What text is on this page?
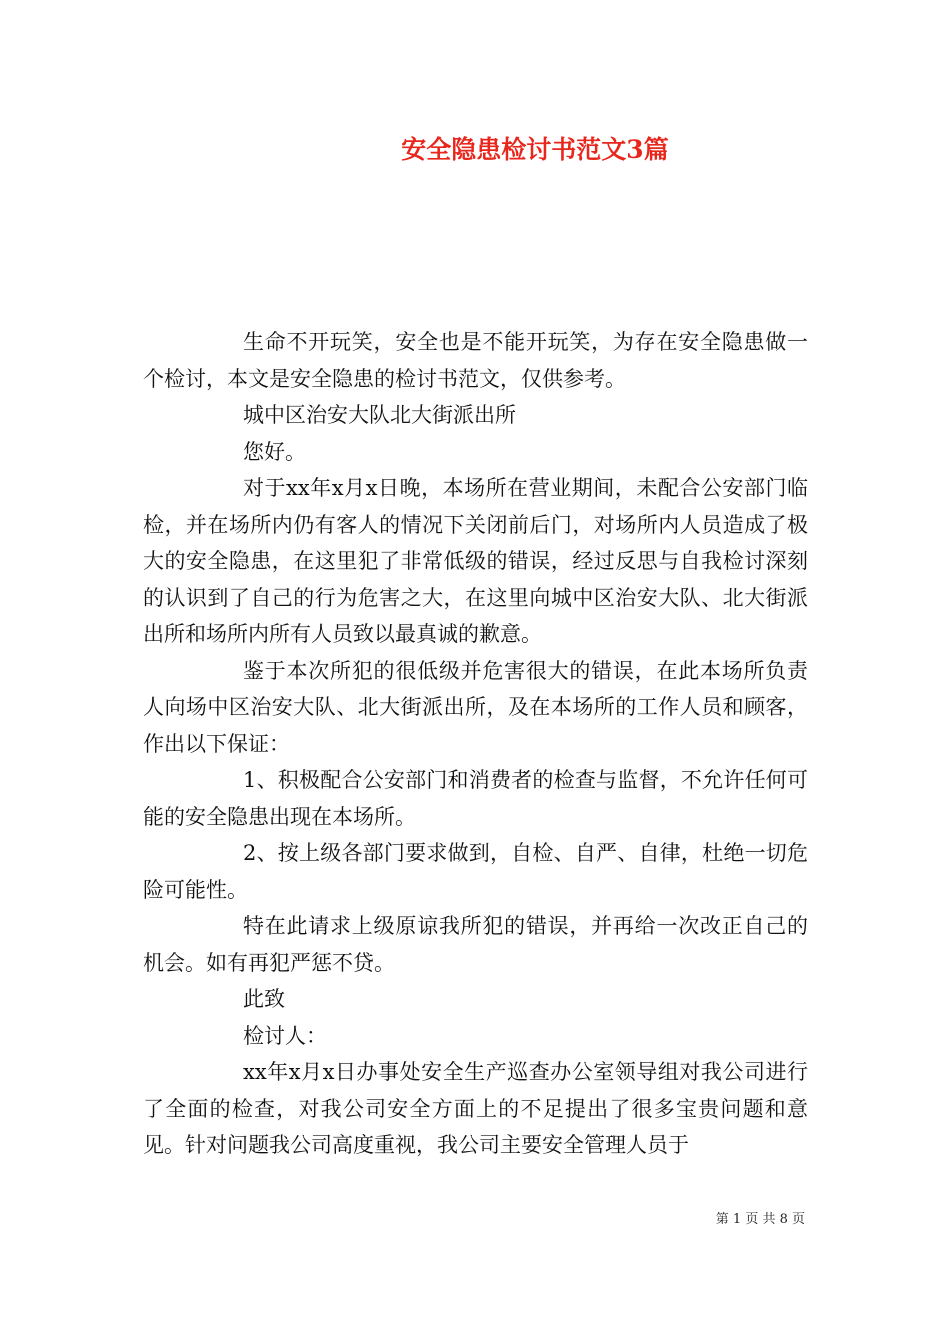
安全隐患检讨书范文3篇

生命不开玩笑，安全也是不能开玩笑，为存在安全隐患做一个检讨，本文是安全隐患的检讨书范文，仅供参考。

城中区治安大队北大街派出所

您好。

对于xx年x月x日晚，本场所在营业期间，未配合公安部门临检，并在场所内仍有客人的情况下关闭前后门，对场所内人员造成了极大的安全隐患，在这里犯了非常低级的错误，经过反思与自我检讨深刻的认识到了自己的行为危害之大，在这里向城中区治安大队、北大街派出所和场所内所有人员致以最真诚的歉意。

鉴于本次所犯的很低级并危害很大的错误，在此本场所负责人向场中区治安大队、北大街派出所，及在本场所的工作人员和顾客，作出以下保证：

1、积极配合公安部门和消费者的检查与监督，不允许任何可能的安全隐患出现在本场所。

2、按上级各部门要求做到，自检、自严、自律，杜绝一切危险可能性。

特在此请求上级原谅我所犯的错误，并再给一次改正自己的机会。如有再犯严惩不贷。

此致

检讨人：

xx年x月x日办事处安全生产巡查办公室领导组对我公司进行了全面的检查，对我公司安全方面上的不足提出了很多宝贵问题和意见。针对问题我公司高度重视，我公司主要安全管理人员于

第 1 页 共 8 页
